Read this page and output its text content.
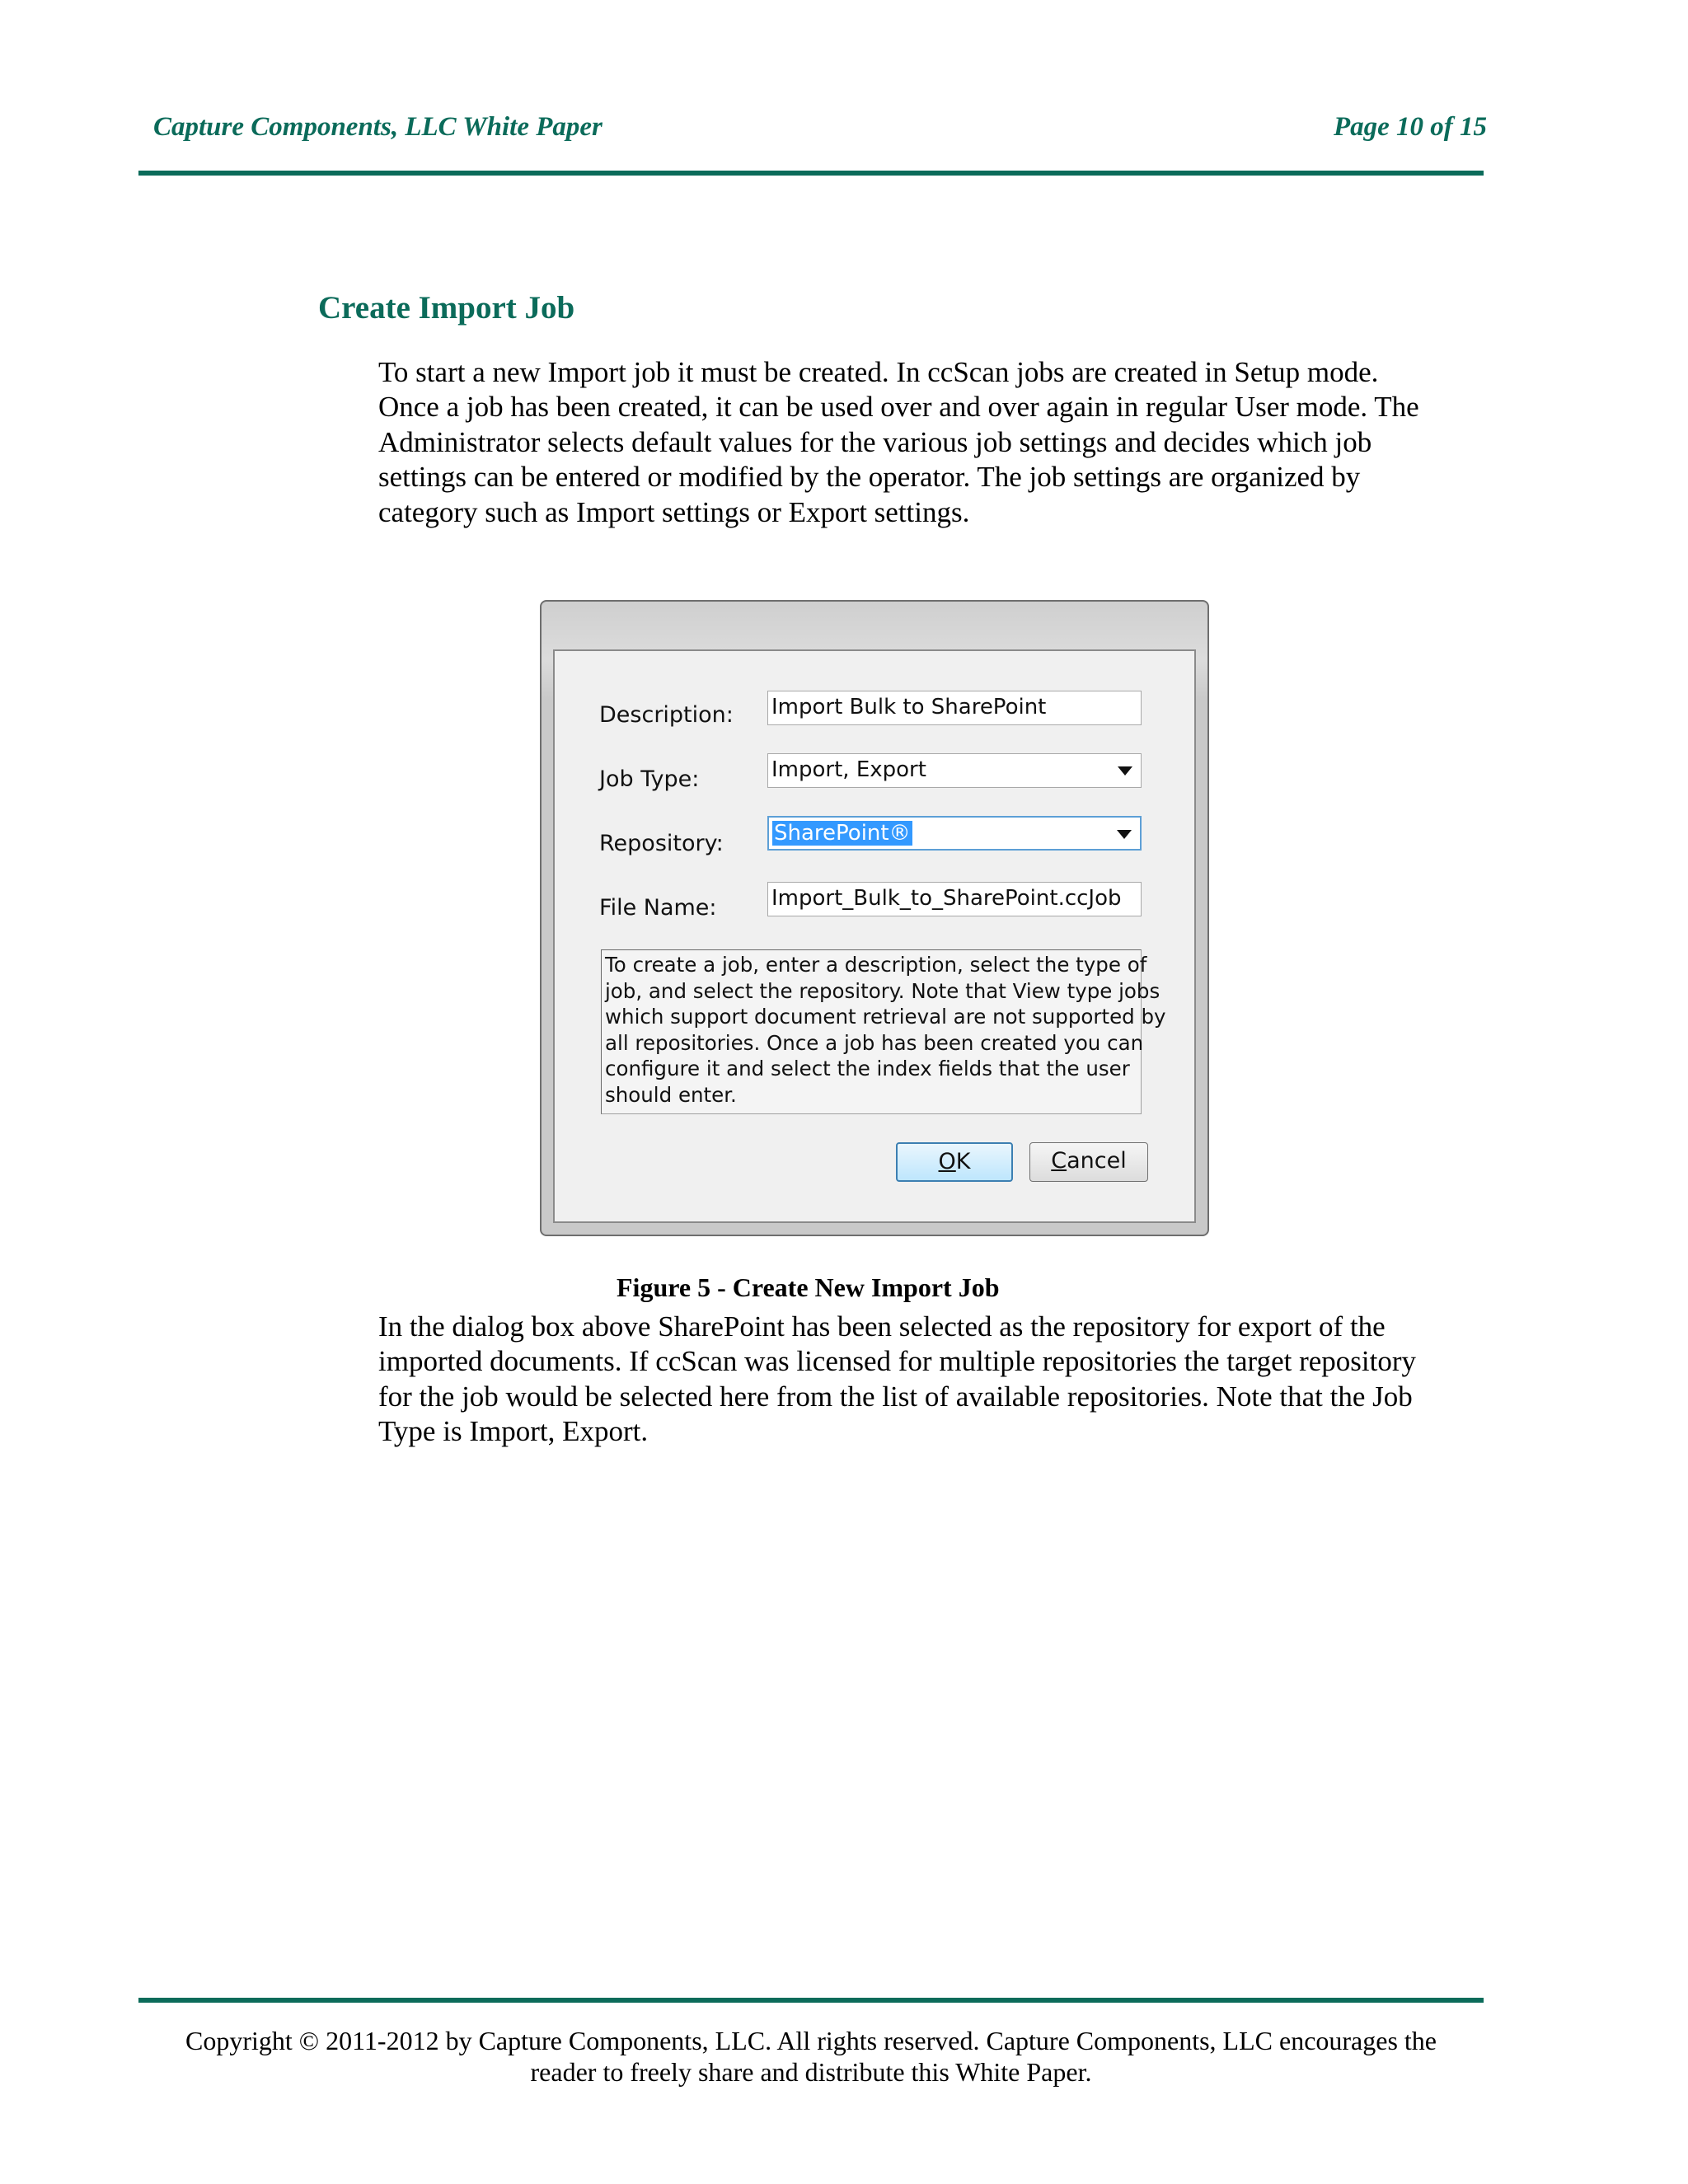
Capture Components, LLC White Paper	Page 10 of 15
Create Import Job
To start a new Import job it must be created. In ccScan jobs are created in Setup mode.
Once a job has been created, it can be used over and over again in regular User mode. The
Administrator selects default values for the various job settings and decides which job
settings can be entered or modified by the operator. The job settings are organized by
category such as Import settings or Export settings.
Description: Import Bulk to SharePoint
Job Type:	Import, Export
Repository:	SharePoint®
File Name:	Import_Bulk_to_SharePoint.ccJob
To create a job, enter a description, select the type of
job, and select the repository. Note that View type jobs
which support document retrieval are not supported by
all repositories. Once a job has been created you can
configure it and select the index fields that the user
should enter.
OK	Cancel
Figure 5 - Create New Import Job
In the dialog box above SharePoint has been selected as the repository for export of the
imported documents. If ccScan was licensed for multiple repositories the target repository
for the job would be selected here from the list of available repositories. Note that the Job
Type is Import, Export.
Copyright © 2011-2012 by Capture Components, LLC. All rights reserved. Capture Components, LLC encourages the
reader to freely share and distribute this White Paper.
